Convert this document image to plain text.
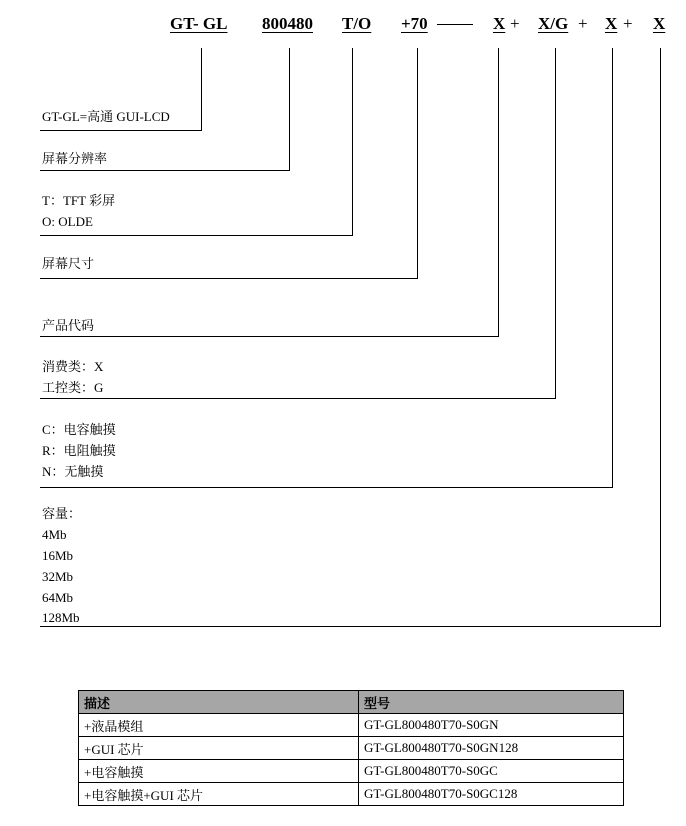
GT- GL 800480 T/O +70	X + X/G + X + X
GT-GL=高通 GUI-LCD
屏幕分辨率
T：TFT 彩屏
O: OLDE
屏幕尺寸
产品代码
消费类：X
工控类：G
C：电容触摸
R：电阻触摸
N：无触摸
容量：
4Mb
16Mb
32Mb
64Mb
128Mb
描述	型号
+液晶模组	GT-GL800480T70-S0GN
+GUI 芯片	GT-GL800480T70-S0GN128
+电容触摸	GT-GL800480T70-S0GC
+电容触摸+GUI 芯片	GT-GL800480T70-S0GC128
